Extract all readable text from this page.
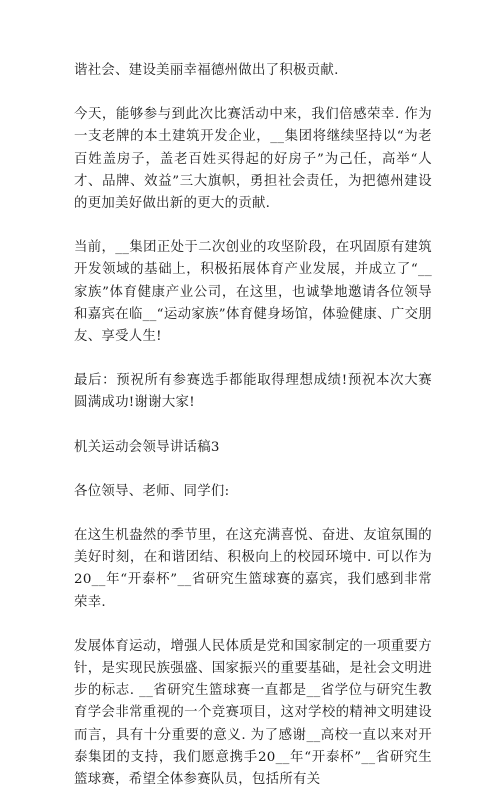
谐社会、建设美丽幸福德州做出了积极贡献.

今天，能够参与到此次比赛活动中来，我们倍感荣幸. 作为一支老牌的本土建筑开发企业，__集团将继续坚持以“为老百姓盖房子，盖老百姓买得起的好房子”为己任，高举“人才、品牌、效益”三大旗帜，勇担社会责任，为把德州建设的更加美好做出新的更大的贡献.

当前，__集团正处于二次创业的攻坚阶段，在巩固原有建筑开发领域的基础上，积极拓展体育产业发展，并成立了“__家族”体育健康产业公司，在这里，也诚挚地邀请各位领导和嘉宾在临__“运动家族”体育健身场馆，体验健康、广交朋友、享受人生!

最后：预祝所有参赛选手都能取得理想成绩!预祝本次大赛圆满成功!谢谢大家!

机关运动会领导讲话稿3

各位领导、老师、同学们:

在这生机盎然的季节里，在这充满喜悦、奋进、友谊氛围的美好时刻，在和谐团结、积极向上的校园环境中. 可以作为20__年“开泰杯”__省研究生篮球赛的嘉宾，我们感到非常荣幸.

发展体育运动，增强人民体质是党和国家制定的一项重要方针，是实现民族强盛、国家振兴的重要基础，是社会文明进步的标志. __省研究生篮球赛一直都是__省学位与研究生教育学会非常重视的一个竞赛项目，这对学校的精神文明建设而言，具有十分重要的意义. 为了感谢__高校一直以来对开泰集团的支持，我们愿意携手20__年“开泰杯”__省研究生篮球赛，希望全体参赛队员，包括所有关
